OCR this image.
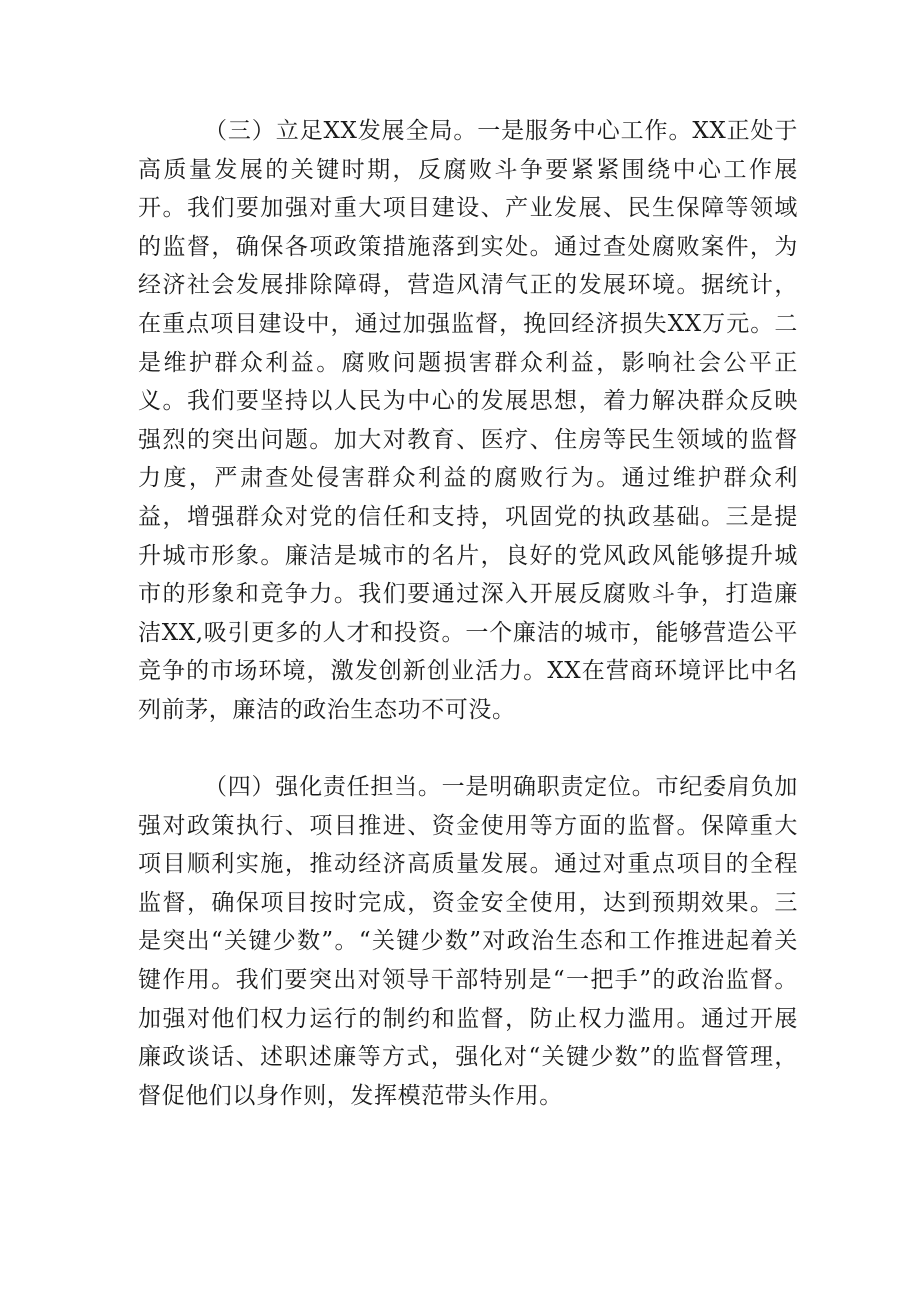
（三）立足XX发展全局。一是服务中心工作。XX正处于高质量发展的关键时期，反腐败斗争要紧紧围绕中心工作展开。我们要加强对重大项目建设、产业发展、民生保障等领域的监督，确保各项政策措施落到实处。通过查处腐败案件，为经济社会发展排除障碍，营造风清气正的发展环境。据统计，在重点项目建设中，通过加强监督，挽回经济损失XX万元。二是维护群众利益。腐败问题损害群众利益，影响社会公平正义。我们要坚持以人民为中心的发展思想，着力解决群众反映强烈的突出问题。加大对教育、医疗、住房等民生领域的监督力度，严肃查处侵害群众利益的腐败行为。通过维护群众利益，增强群众对党的信任和支持，巩固党的执政基础。三是提升城市形象。廉洁是城市的名片，良好的党风政风能够提升城市的形象和竞争力。我们要通过深入开展反腐败斗争，打造廉洁XX,吸引更多的人才和投资。一个廉洁的城市，能够营造公平竞争的市场环境，激发创新创业活力。XX在营商环境评比中名列前茅，廉洁的政治生态功不可没。

（四）强化责任担当。一是明确职责定位。市纪委肩负加强对政策执行、项目推进、资金使用等方面的监督。保障重大项目顺利实施，推动经济高质量发展。通过对重点项目的全程监督，确保项目按时完成，资金安全使用，达到预期效果。三是突出“关键少数”。“关键少数”对政治生态和工作推进起着关键作用。我们要突出对领导干部特别是“一把手”的政治监督。加强对他们权力运行的制约和监督，防止权力滥用。通过开展廉政谈话、述职述廉等方式，强化对“关键少数”的监督管理，督促他们以身作则，发挥模范带头作用。
